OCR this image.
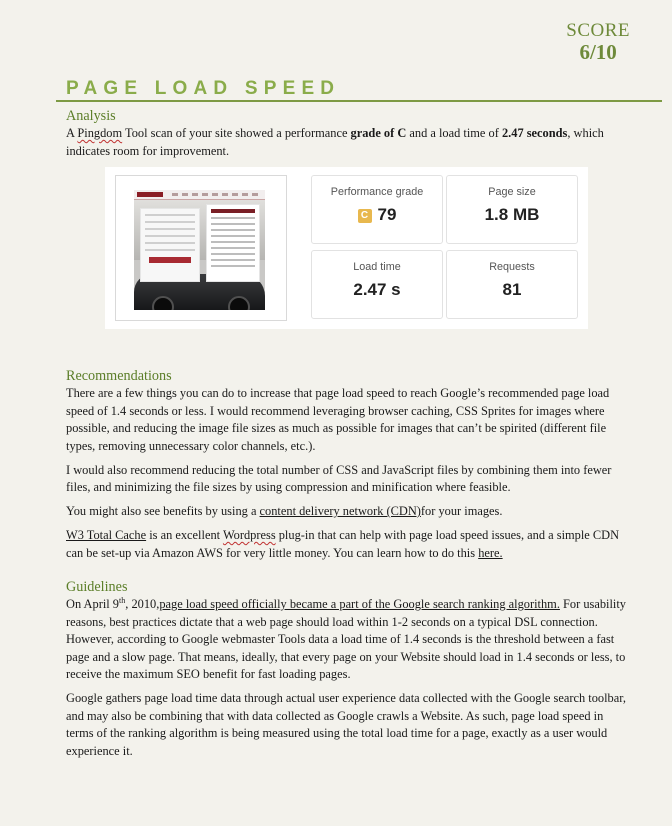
SCORE
6/10
PAGE LOAD SPEED
Analysis

A Pingdom Tool scan of your site showed a performance grade of C and a load time of 2.47 seconds, which indicates room for improvement.

Performance grade
C 79
Page size
1.8 MB
Load time
2.47 s
Requests
81
Recommendations

There are a few things you can do to increase that page load speed to reach Google’s recommended page load speed of 1.4 seconds or less. I would recommend leveraging browser caching, CSS Sprites for images where possible, and reducing the image file sizes as much as possible for images that can’t be spirited (different file types, removing unnecessary color channels, etc.).

I would also recommend reducing the total number of CSS and JavaScript files by combining them into fewer files, and minimizing the file sizes by using compression and minification where feasible.

You might also see benefits by using a content delivery network (CDN)for your images.

W3 Total Cache is an excellent Wordpress plug-in that can help with page load speed issues, and a simple CDN can be set-up via Amazon AWS for very little money. You can learn how to do this here.

Guidelines

On April 9th, 2010,page load speed officially became a part of the Google search ranking algorithm. For usability reasons, best practices dictate that a web page should load within 1-2 seconds on a typical DSL connection. However, according to Google webmaster Tools data a load time of 1.4 seconds is the threshold between a fast page and a slow page. That means, ideally, that every page on your Website should load in 1.4 seconds or less, to receive the maximum SEO benefit for fast loading pages.

Google gathers page load time data through actual user experience data collected with the Google search toolbar, and may also be combining that with data collected as Google crawls a Website. As such, page load speed in terms of the ranking algorithm is being measured using the total load time for a page, exactly as a user would experience it.
